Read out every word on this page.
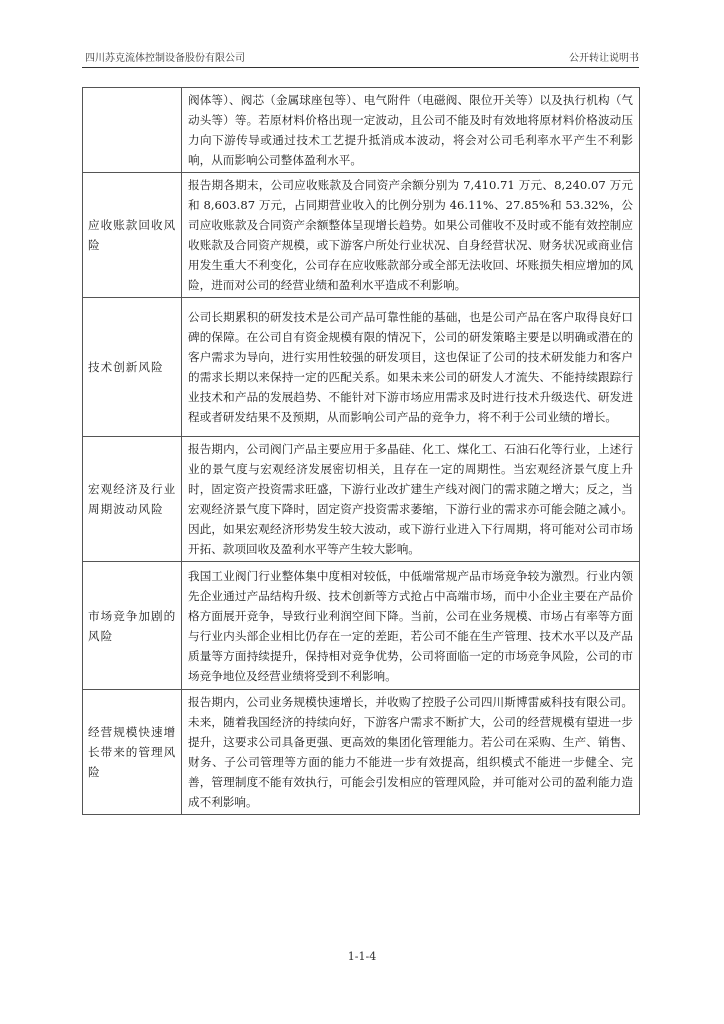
四川苏克流体控制设备股份有限公司	公开转让说明书
	阀体等）、阀芯（金属球座包等）、电气附件（电磁阀、限位开关等）以及执行机构（气动头等）等。若原材料价格出现一定波动，且公司不能及时有效地将原材料价格波动压力向下游传导或通过技术工艺提升抵消成本波动，将会对公司毛利率水平产生不利影响，从而影响公司整体盈利水平。
应收账款回收风险	报告期各期末，公司应收账款及合同资产余额分别为 7,410.71 万元、8,240.07 万元和 8,603.87 万元，占同期营业收入的比例分别为 46.11%、27.85%和 53.32%，公司应收账款及合同资产余额整体呈现增长趋势。如果公司催收不及时或不能有效控制应收账款及合同资产规模，或下游客户所处行业状况、自身经营状况、财务状况或商业信用发生重大不利变化，公司存在应收账款部分或全部无法收回、坏账损失相应增加的风险，进而对公司的经营业绩和盈利水平造成不利影响。
技术创新风险	公司长期累积的研发技术是公司产品可靠性能的基础，也是公司产品在客户取得良好口碑的保障。在公司自有资金规模有限的情况下，公司的研发策略主要是以明确或潜在的客户需求为导向，进行实用性较强的研发项目，这也保证了公司的技术研发能力和客户的需求长期以来保持一定的匹配关系。如果未来公司的研发人才流失、不能持续跟踪行业技术和产品的发展趋势、不能针对下游市场应用需求及时进行技术升级迭代、研发进程或者研发结果不及预期，从而影响公司产品的竞争力，将不利于公司业绩的增长。
宏观经济及行业周期波动风险	报告期内，公司阀门产品主要应用于多晶硅、化工、煤化工、石油石化等行业，上述行业的景气度与宏观经济发展密切相关，且存在一定的周期性。当宏观经济景气度上升时，固定资产投资需求旺盛，下游行业改扩建生产线对阀门的需求随之增大；反之，当宏观经济景气度下降时，固定资产投资需求萎缩，下游行业的需求亦可能会随之减小。因此，如果宏观经济形势发生较大波动，或下游行业进入下行周期，将可能对公司市场开拓、款项回收及盈利水平等产生较大影响。
市场竞争加剧的风险	我国工业阀门行业整体集中度相对较低，中低端常规产品市场竞争较为激烈。行业内领先企业通过产品结构升级、技术创新等方式抢占中高端市场，而中小企业主要在产品价格方面展开竞争，导致行业利润空间下降。当前，公司在业务规模、市场占有率等方面与行业内头部企业相比仍存在一定的差距，若公司不能在生产管理、技术水平以及产品质量等方面持续提升，保持相对竞争优势，公司将面临一定的市场竞争风险，公司的市场竞争地位及经营业绩将受到不利影响。
经营规模快速增长带来的管理风险	报告期内，公司业务规模快速增长，并收购了控股子公司四川斯博雷威科技有限公司。未来，随着我国经济的持续向好，下游客户需求不断扩大，公司的经营规模有望进一步提升，这要求公司具备更强、更高效的集团化管理能力。若公司在采购、生产、销售、财务、子公司管理等方面的能力不能进一步有效提高，组织模式不能进一步健全、完善，管理制度不能有效执行，可能会引发相应的管理风险，并可能对公司的盈利能力造成不利影响。
1-1-4
